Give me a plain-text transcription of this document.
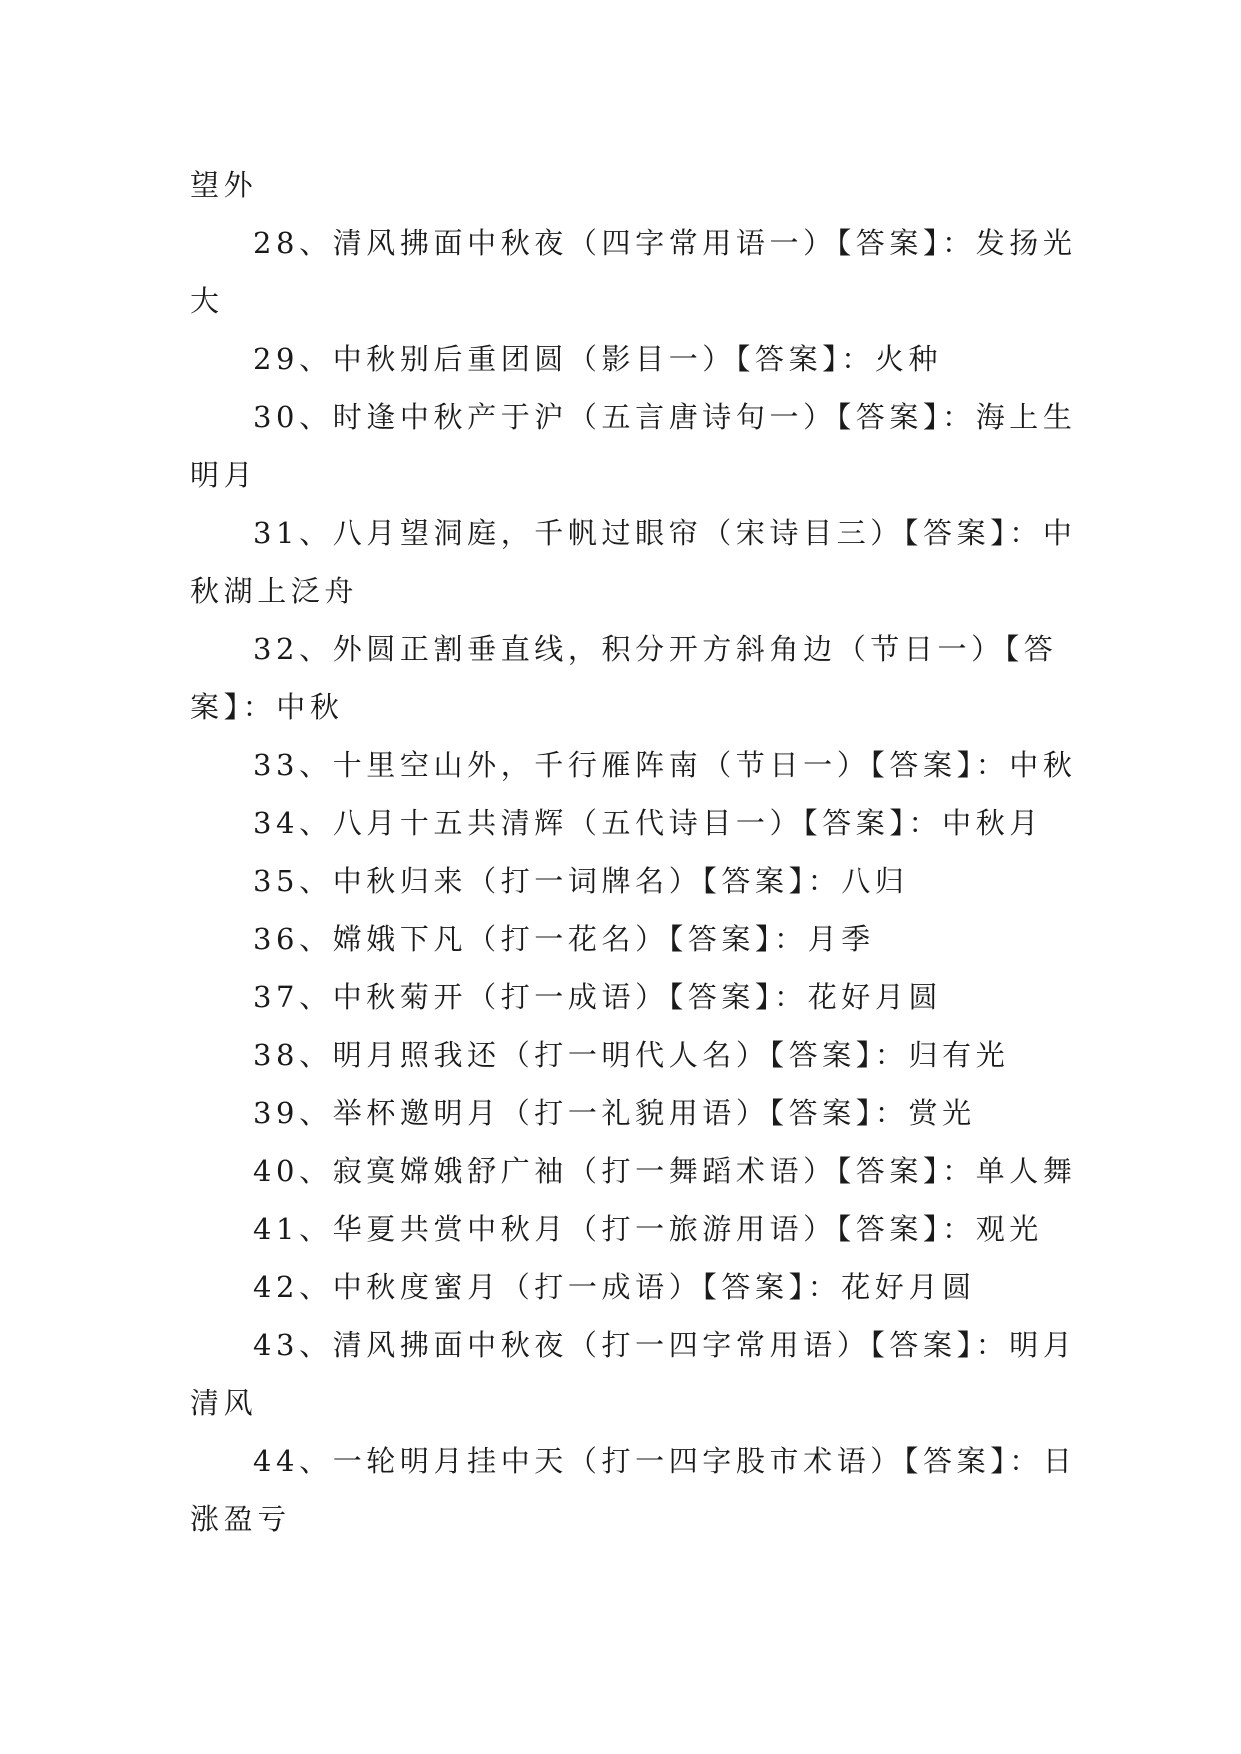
望外

28、清风拂面中秋夜（四字常用语一）【答案】：发扬光

大

29、中秋别后重团圆（影目一）【答案】：火种

30、时逢中秋产于沪（五言唐诗句一）【答案】：海上生

明月

31、八月望洞庭，千帆过眼帘（宋诗目三）【答案】：中

秋湖上泛舟

32、外圆正割垂直线，积分开方斜角边（节日一）【答

案】：中秋

33、十里空山外，千行雁阵南（节日一）【答案】：中秋

34、八月十五共清辉（五代诗目一）【答案】：中秋月

35、中秋归来（打一词牌名）【答案】：八归

36、嫦娥下凡（打一花名）【答案】：月季

37、中秋菊开（打一成语）【答案】：花好月圆

38、明月照我还（打一明代人名）【答案】：归有光

39、举杯邀明月（打一礼貌用语）【答案】：赏光

40、寂寞嫦娥舒广袖（打一舞蹈术语）【答案】：单人舞

41、华夏共赏中秋月（打一旅游用语）【答案】：观光

42、中秋度蜜月（打一成语）【答案】：花好月圆

43、清风拂面中秋夜（打一四字常用语）【答案】：明月

清风

44、一轮明月挂中天（打一四字股市术语）【答案】：日

涨盈亏
